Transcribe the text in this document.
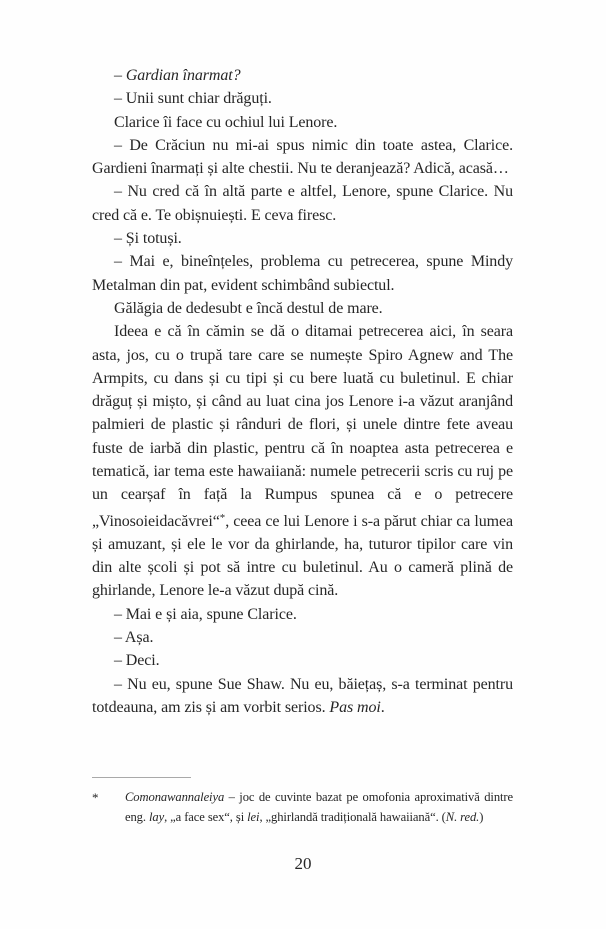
– Gardian înarmat?

– Unii sunt chiar drăguți.

Clarice îi face cu ochiul lui Lenore.

– De Crăciun nu mi-ai spus nimic din toate astea, Clarice. Gardieni înarmați și alte chestii. Nu te deranjează? Adică, acasă…

– Nu cred că în altă parte e altfel, Lenore, spune Clarice. Nu cred că e. Te obișnuiești. E ceva firesc.

– Și totuși.

– Mai e, bineînțeles, problema cu petrecerea, spune Mindy Metalman din pat, evident schimbând subiectul.

Gălăgia de dedesubt e încă destul de mare.

Ideea e că în cămin se dă o ditamai petrecerea aici, în seara asta, jos, cu o trupă tare care se numește Spiro Agnew and The Armpits, cu dans și cu tipi și cu bere luată cu buletinul. E chiar drăguț și mișto, și când au luat cina jos Lenore i-a văzut aranjând palmieri de plastic și rânduri de flori, și unele dintre fete aveau fuste de iarbă din plastic, pentru că în noaptea asta petrecerea e tematică, iar tema este hawaiiană: numele petrecerii scris cu ruj pe un cearșaf în față la Rumpus spunea că e o petrecere „Vinosoieidacăvrei“*, ceea ce lui Lenore i s-a părut chiar ca lumea și amuzant, și ele le vor da ghirlande, ha, tuturor tipilor care vin din alte școli și pot să intre cu buletinul. Au o cameră plină de ghirlande, Lenore le-a văzut după cină.

– Mai e și aia, spune Clarice.

– Așa.

– Deci.

– Nu eu, spune Sue Shaw. Nu eu, băiețaș, s-a terminat pentru totdeauna, am zis și am vorbit serios. Pas moi.

*	Comonawannaleiya – joc de cuvinte bazat pe omofonia aproximativă dintre eng. lay, „a face sex“, și lei, „ghirlandă tradițională hawaiiană“. (N. red.)
20
